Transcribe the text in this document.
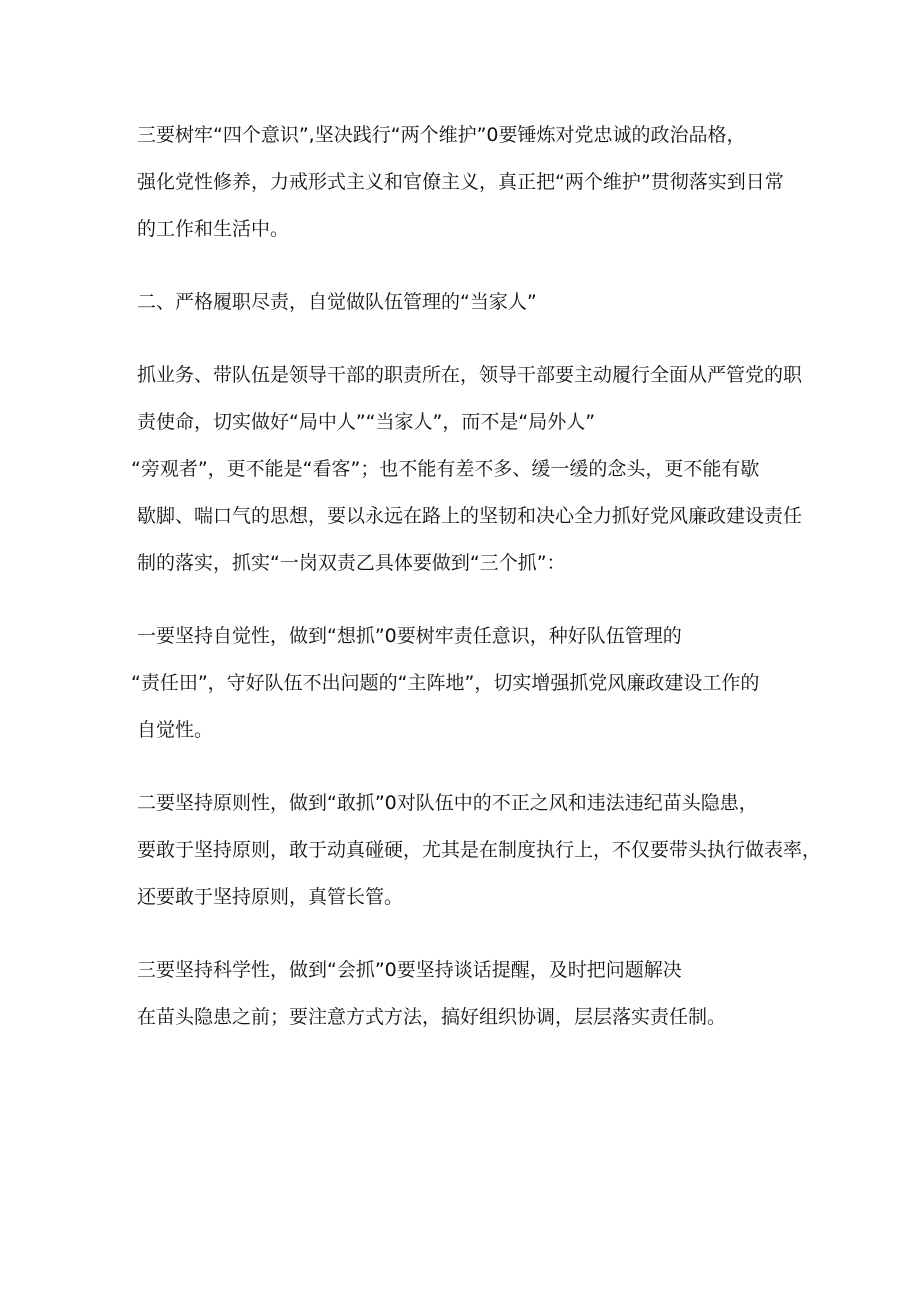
三要树牢“四个意识”,坚决践行“两个维护”0要锤炼对党忠诚的政治品格，

强化党性修养，力戒形式主义和官僚主义，真正把“两个维护”贯彻落实到日常

的工作和生活中。

二、严格履职尽责，自觉做队伍管理的“当家人”

抓业务、带队伍是领导干部的职责所在，领导干部要主动履行全面从严管党的职

责使命，切实做好“局中人”“当家人”，而不是“局外人”

“旁观者”，更不能是“看客”；也不能有差不多、缓一缓的念头，更不能有歇

歇脚、喘口气的思想，要以永远在路上的坚韧和决心全力抓好党风廉政建设责任

制的落实，抓实“一岗双责乙具体要做到“三个抓”：

一要坚持自觉性，做到“想抓”0要树牢责任意识，种好队伍管理的

“责任田”，守好队伍不出问题的“主阵地”，切实增强抓党风廉政建设工作的

自觉性。

二要坚持原则性，做到“敢抓”0对队伍中的不正之风和违法违纪苗头隐患，

要敢于坚持原则，敢于动真碰硬，尤其是在制度执行上，不仅要带头执行做表率，

还要敢于坚持原则，真管长管。

三要坚持科学性，做到“会抓”0要坚持谈话提醒，及时把问题解决

在苗头隐患之前；要注意方式方法，搞好组织协调，层层落实责任制。
